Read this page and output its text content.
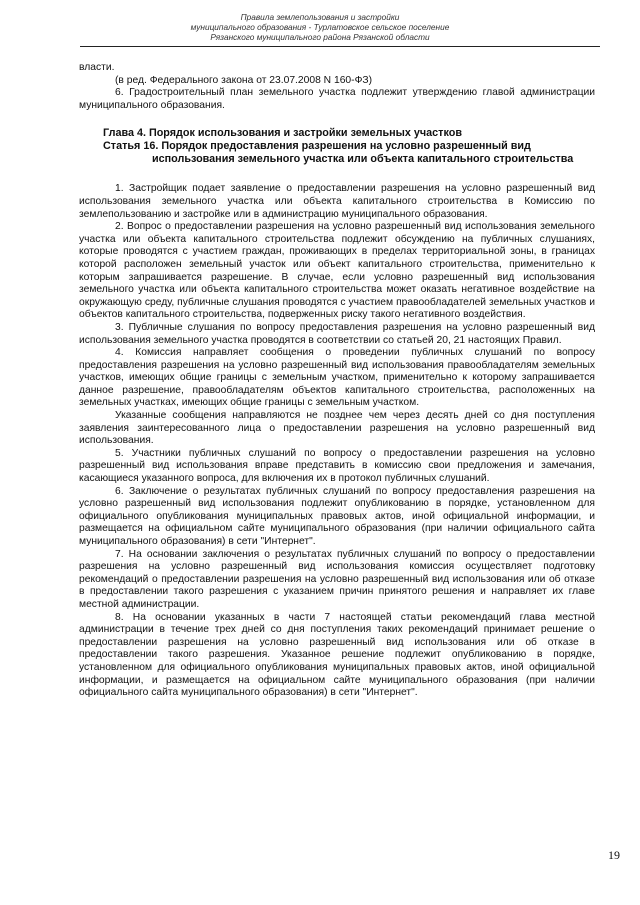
Правила землепользования и застройки
муниципального образования - Турлатовское сельское поселение
Рязанского муниципального района Рязанской области

власти.

(в ред. Федерального закона от 23.07.2008 N 160-ФЗ)

6. Градостроительный план земельного участка подлежит утверждению главой администрации муниципального образования.

Глава 4. Порядок использования и застройки земельных участков

Статья 16. Порядок предоставления разрешения на условно разрешенный вид

использования земельного участка или объекта капитального строительства

1. Застройщик подает заявление о предоставлении разрешения на условно разрешенный вид использования земельного участка или объекта капитального строительства в Комиссию по землепользованию и застройке или в администрацию муниципального образования.

2. Вопрос о предоставлении разрешения на условно разрешенный вид использования земельного участка или объекта капитального строительства подлежит обсуждению на публичных слушаниях, которые проводятся с участием граждан, проживающих в пределах территориальной зоны, в границах которой расположен земельный участок или объект капитального строительства, применительно к которым запрашивается разрешение. В случае, если условно разрешенный вид использования земельного участка или объекта капитального строительства может оказать негативное воздействие на окружающую среду, публичные слушания проводятся с участием правообладателей земельных участков и объектов капитального строительства, подверженных риску такого негативного воздействия.

3. Публичные слушания по вопросу предоставления разрешения на условно разрешенный вид использования земельного участка проводятся в соответствии со статьей 20, 21 настоящих Правил.

4. Комиссия направляет сообщения о проведении публичных слушаний по вопросу предоставления разрешения на условно разрешенный вид использования правообладателям земельных участков, имеющих общие границы с земельным участком, применительно к которому запрашивается данное разрешение, правообладателям объектов капитального строительства, расположенных на земельных участках, имеющих общие границы с земельным участком.

Указанные сообщения направляются не позднее чем через десять дней со дня поступления заявления заинтересованного лица о предоставлении разрешения на условно разрешенный вид использования.

5. Участники публичных слушаний по вопросу о предоставлении разрешения на условно разрешенный вид использования вправе представить в комиссию свои предложения и замечания, касающиеся указанного вопроса, для включения их в протокол публичных слушаний.

6. Заключение о результатах публичных слушаний по вопросу предоставления разрешения на условно разрешенный вид использования подлежит опубликованию в порядке, установленном для официального опубликования муниципальных правовых актов, иной официальной информации, и размещается на официальном сайте муниципального образования (при наличии официального сайта муниципального образования) в сети "Интернет".

7. На основании заключения о результатах публичных слушаний по вопросу о предоставлении разрешения на условно разрешенный вид использования комиссия осуществляет подготовку рекомендаций о предоставлении разрешения на условно разрешенный вид использования или об отказе в предоставлении такого разрешения с указанием причин принятого решения и направляет их главе местной администрации.

8. На основании указанных в части 7 настоящей статьи рекомендаций глава местной администрации в течение трех дней со дня поступления таких рекомендаций принимает решение о предоставлении разрешения на условно разрешенный вид использования или об отказе в предоставлении такого разрешения. Указанное решение подлежит опубликованию в порядке, установленном для официального опубликования муниципальных правовых актов, иной официальной информации, и размещается на официальном сайте муниципального образования (при наличии официального сайта муниципального образования) в сети "Интернет".

19
